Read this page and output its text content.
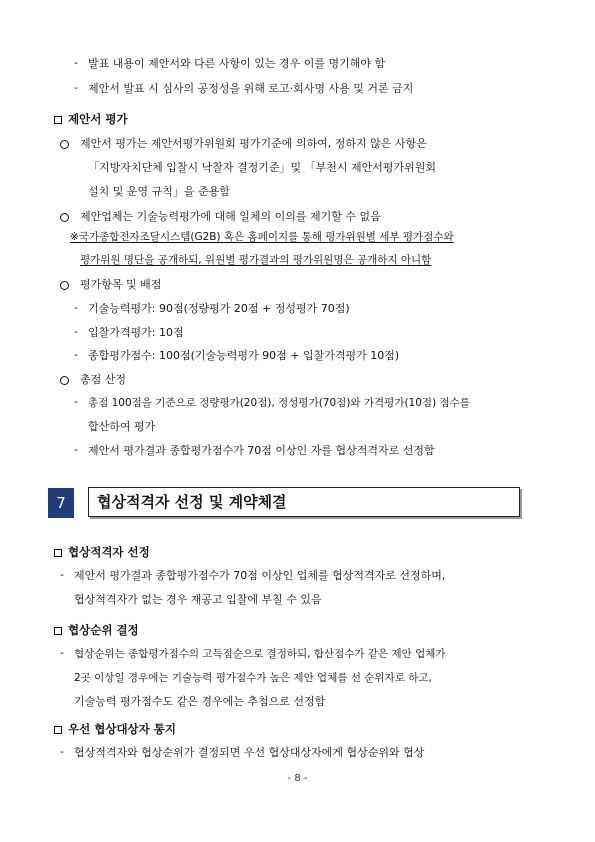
- 발표 내용이 제안서와 다른 사항이 있는 경우 이를 명기해야 함
- 제안서 발표 시 심사의 공정성을 위해 로고·회사명 사용 및 거론 금지
제안서 평가
제안서 평가는 제안서평가위원회 평가기준에 의하여, 정하지 않은 사항은
「지방자치단체 입찰시 낙찰자 결정기준」및 「부천시 제안서평가위원회
설치 및 운영 규칙」을 준용함
제안업체는 기술능력평가에 대해 일체의 이의를 제기할 수 없음
※국가종합전자조달시스템(G2B) 혹은 홈페이지를 통해 평가위원별 세부 평가점수와
평가위원 명단을 공개하되, 위원별 평가결과의 평가위원명은 공개하지 아니함
평가항목 및 배점
- 기술능력평가: 90점(정량평가 20점 + 정성평가 70점)
- 입찰가격평가: 10점
- 종합평가점수: 100점(기술능력평가 90점 + 입찰가격평가 10점)
총점 산정
- 총점 100점을 기준으로 정량평가(20점), 정성평가(70점)와 가격평가(10점) 점수를
합산하여 평가
- 제안서 평가결과 종합평가점수가 70점 이상인 자를 협상적격자로 선정함
7	협상적격자 선정 및 계약체결
협상적격자 선정
- 제안서 평가결과 종합평가점수가 70점 이상인 업체를 협상적격자로 선정하며,
협상적격자가 없는 경우 재공고 입찰에 부칠 수 있음
협상순위 결정
- 협상순위는 종합평가점수의 고득점순으로 결정하되, 합산점수가 같은 제안 업체가
2곳 이상일 경우에는 기술능력 평가점수가 높은 제안 업체를 선 순위자로 하고,
기술능력 평가점수도 같은 경우에는 추첨으로 선정함
우선 협상대상자 통지
- 협상적격자와 협상순위가 결정되면 우선 협상대상자에게 협상순위와 협상
- 8 -
